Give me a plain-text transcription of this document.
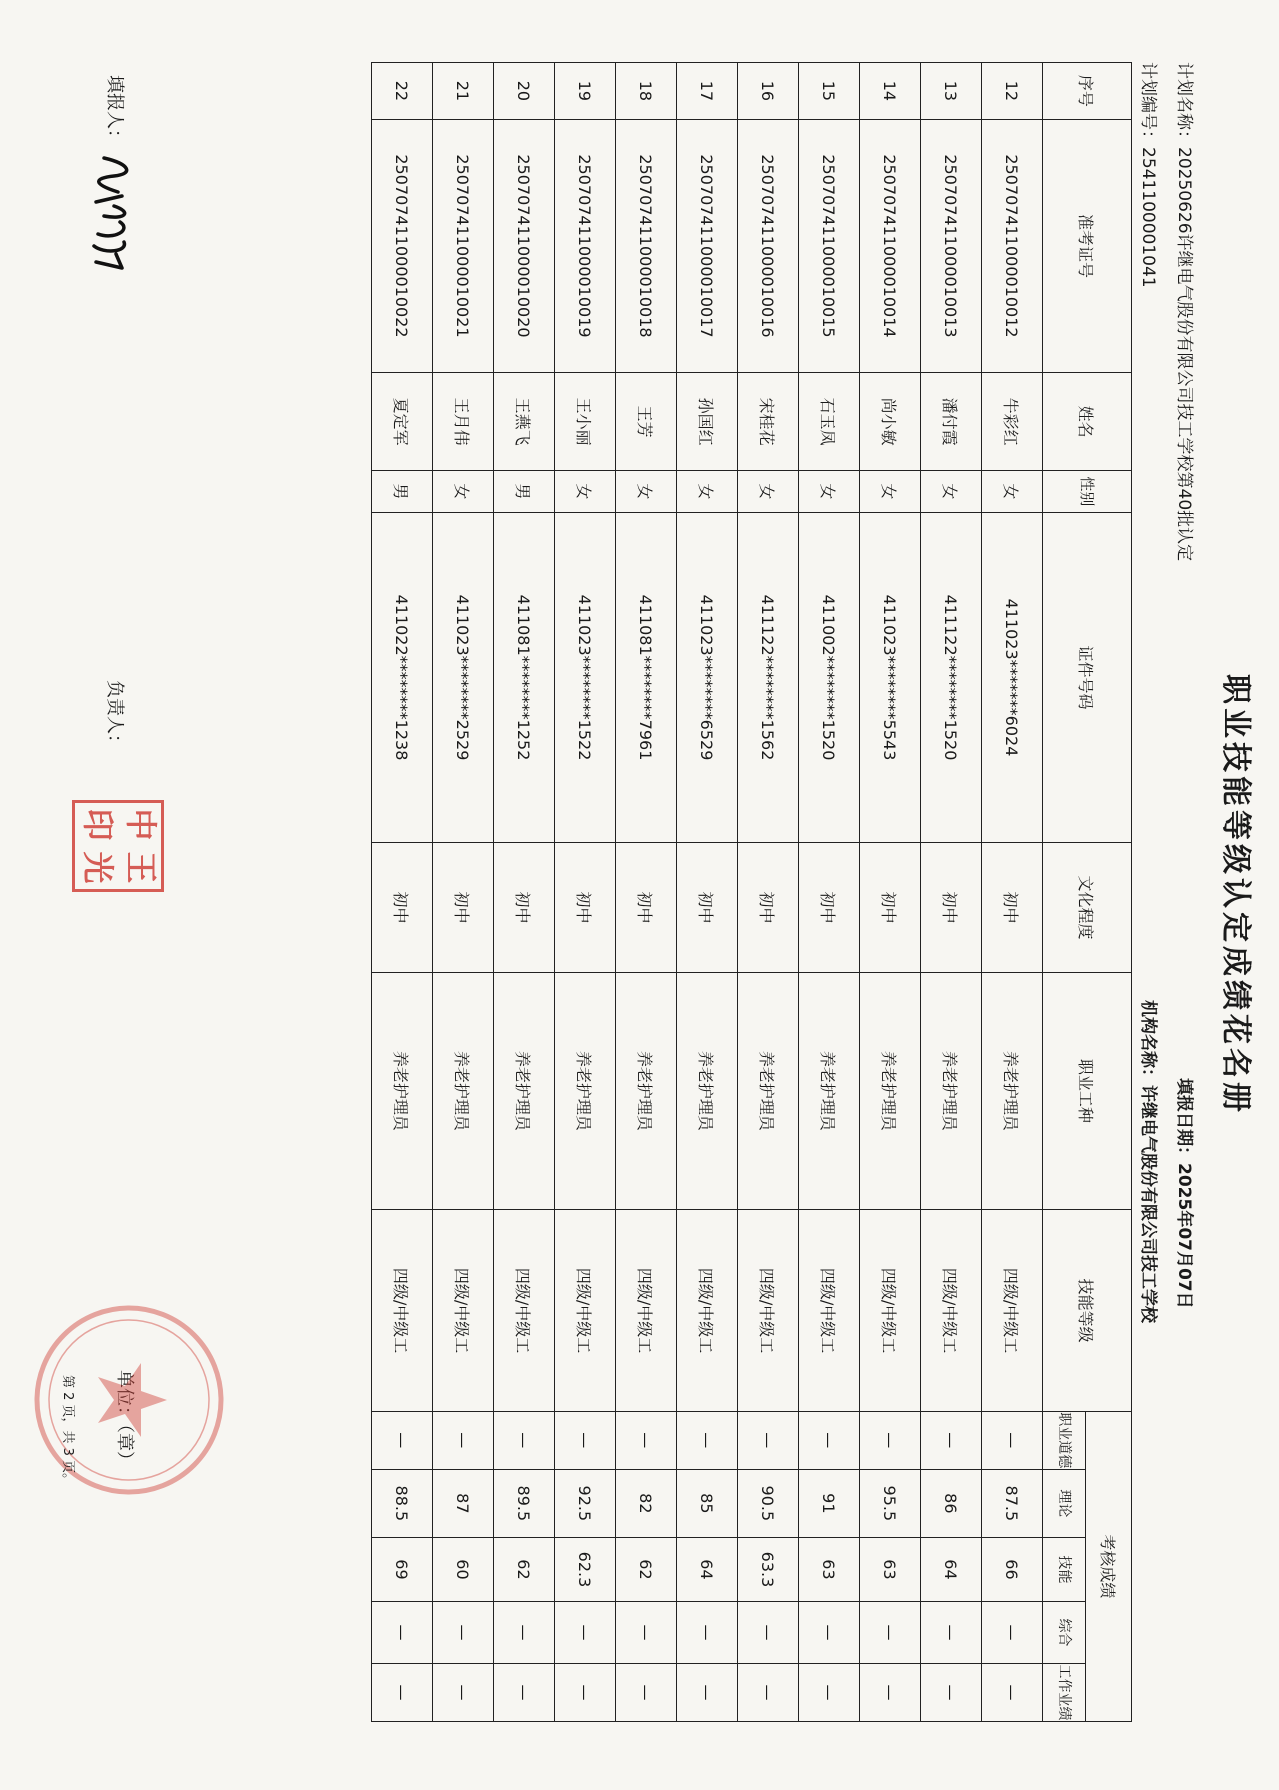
职业技能等级认定成绩花名册
计划名称：20250626许继电气股份有限公司技工学校第40批认定
计划编号：2541100001041
填报日期：2025年07月07日
机构名称：许继电气股份有限公司技工学校
序号	准考证号	姓名	性别	证件号码	文化程度	职业工种	技能等级	考核成绩				
								职业道德	理论	技能	综合	工作业绩
12	250707411000010012	牛彩红	女	411023*******6024	初中	养老护理员	四级/中级工	—	87.5	66	—	—
13	250707411000010013	潘付霞	女	411122********1520	初中	养老护理员	四级/中级工	—	86	64	—	—
14	250707411000010014	尚小敏	女	411023********5543	初中	养老护理员	四级/中级工	—	95.5	63	—	—
15	250707411000010015	石玉凤	女	411002********1520	初中	养老护理员	四级/中级工	—	91	63	—	—
16	250707411000010016	宋桂花	女	411122********1562	初中	养老护理员	四级/中级工	—	90.5	63.3	—	—
17	250707411000010017	孙国红	女	411023********6529	初中	养老护理员	四级/中级工	—	85	64	—	—
18	250707411000010018	王芳	女	411081********7961	初中	养老护理员	四级/中级工	—	82	62	—	—
19	250707411000010019	王小丽	女	411023********1522	初中	养老护理员	四级/中级工	—	92.5	62.3	—	—
20	250707411000010020	王燕飞	男	411081********1252	初中	养老护理员	四级/中级工	—	89.5	62	—	—
21	250707411000010021	王月伟	女	411023********2529	初中	养老护理员	四级/中级工	—	87	60	—	—
22	250707411000010022	夏定军	男	411022********1238	初中	养老护理员	四级/中级工	—	88.5	69	—	—
填报人：
负责人：
中
王
印
光
单位：（章）
第 2 页，共 3 页。
